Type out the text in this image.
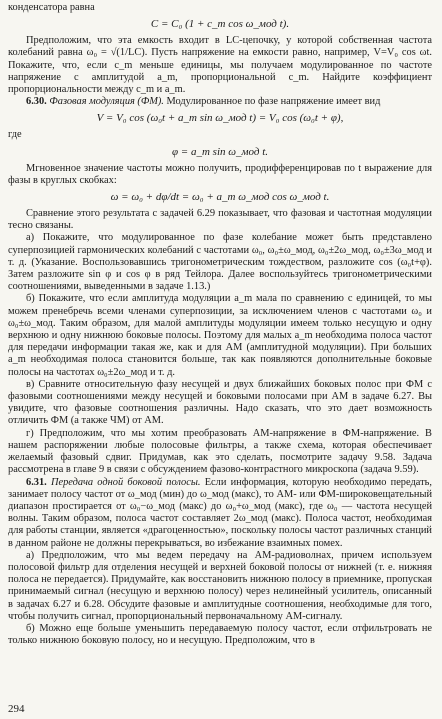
конденсатора равна

C = C₀ (1 + c_m cos ω_мод t).

Предположим, что эта емкость входит в LC-цепочку, у которой собственная частота колебаний равна ω₀ = √(1/LC). Пусть напряжение на емкости равно, например, V=V₀ cos ωt. Покажите, что, если c_m меньше единицы, мы получаем модулированное по частоте напряжение с амплитудой a_m, пропорциональной c_m. Найдите коэффициент пропорциональности между c_m и a_m.

6.30. Фазовая модуляция (ФМ). Модулированное по фазе напряжение имеет вид

V = V₀ cos (ω₀t + a_m sin ω_мод t) = V₀ cos (ω₀t + φ),

где

φ = a_m sin ω_мод t.

Мгновенное значение частоты можно получить, продифференцировав по t выражение для фазы в круглых скобках:

ω = ω₀ + dφ/dt = ω₀ + a_m ω_мод cos ω_мод t.

Сравнение этого результата с задачей 6.29 показывает, что фазовая и частотная модуляции тесно связаны.

а) Покажите, что модулированное по фазе колебание может быть представлено суперпозицией гармонических колебаний с частотами ω₀, ω₀±ω_мод, ω₀±2ω_мод, ω₀±3ω_мод и т. д. (Указание. Воспользовавшись тригонометрическим тождеством, разложите cos (ω₀t+φ). Затем разложите sin φ и cos φ в ряд Тейлора. Далее воспользуйтесь тригонометрическими соотношениями, выведенными в задаче 1.13.)

б) Покажите, что если амплитуда модуляции a_m мала по сравнению с единицей, то мы можем пренебречь всеми членами суперпозиции, за исключением членов с частотами ω₀ и ω₀±ω_мод. Таким образом, для малой амплитуды модуляции имеем только несущую и одну верхнюю и одну нижнюю боковые полосы. Поэтому для малых a_m необходима полоса частот для передачи информации такая же, как и для АМ (амплитудной модуляции). При больших a_m необходимая полоса становится больше, так как появляются дополнительные боковые полосы на частотах ω₀±2ω_мод и т. д.

в) Сравните относительную фазу несущей и двух ближайших боковых полос при ФМ с фазовыми соотношениями между несущей и боковыми полосами при АМ в задаче 6.27. Вы увидите, что фазовые соотношения различны. Надо сказать, что это дает возможность отличить ФМ (а также ЧМ) от АМ.

г) Предположим, что мы хотим преобразовать АМ-напряжение в ФМ-напряжение. В нашем распоряжении любые полосовые фильтры, а также схема, которая обеспечивает желаемый фазовый сдвиг. Придумав, как это сделать, посмотрите задачу 9.58. Задача рассмотрена в главе 9 в связи с обсуждением фазово-контрастного микроскопа (задача 9.59).

6.31. Передача одной боковой полосы. Если информация, которую необходимо передать, занимает полосу частот от ω_мод (мин) до ω_мод (макс), то АМ- или ФМ-широковещательный диапазон простирается от ω₀−ω_мод (макс) до ω₀+ω_мод (макс), где ω₀ — частота несущей волны. Таким образом, полоса частот составляет 2ω_мод (макс). Полоса частот, необходимая для работы станции, является «драгоценностью», поскольку полосы частот различных станций в данном районе не должны перекрываться, во избежание взаимных помех.

а) Предположим, что мы ведем передачу на АМ-радиоволнах, причем используем полосовой фильтр для отделения несущей и верхней боковой полосы от нижней (т. е. нижняя полоса не передается). Придумайте, как восстановить нижнюю полосу в приемнике, пропуская принимаемый сигнал (несущую и верхнюю полосу) через нелинейный усилитель, описанный в задачах 6.27 и 6.28. Обсудите фазовые и амплитудные соотношения, необходимые для того, чтобы получить сигнал, пропорциональный первоначальному АМ-сигналу.

б) Можно еще больше уменьшить передаваемую полосу частот, если отфильтровать не только нижнюю боковую полосу, но и несущую. Предположим, что в

294
